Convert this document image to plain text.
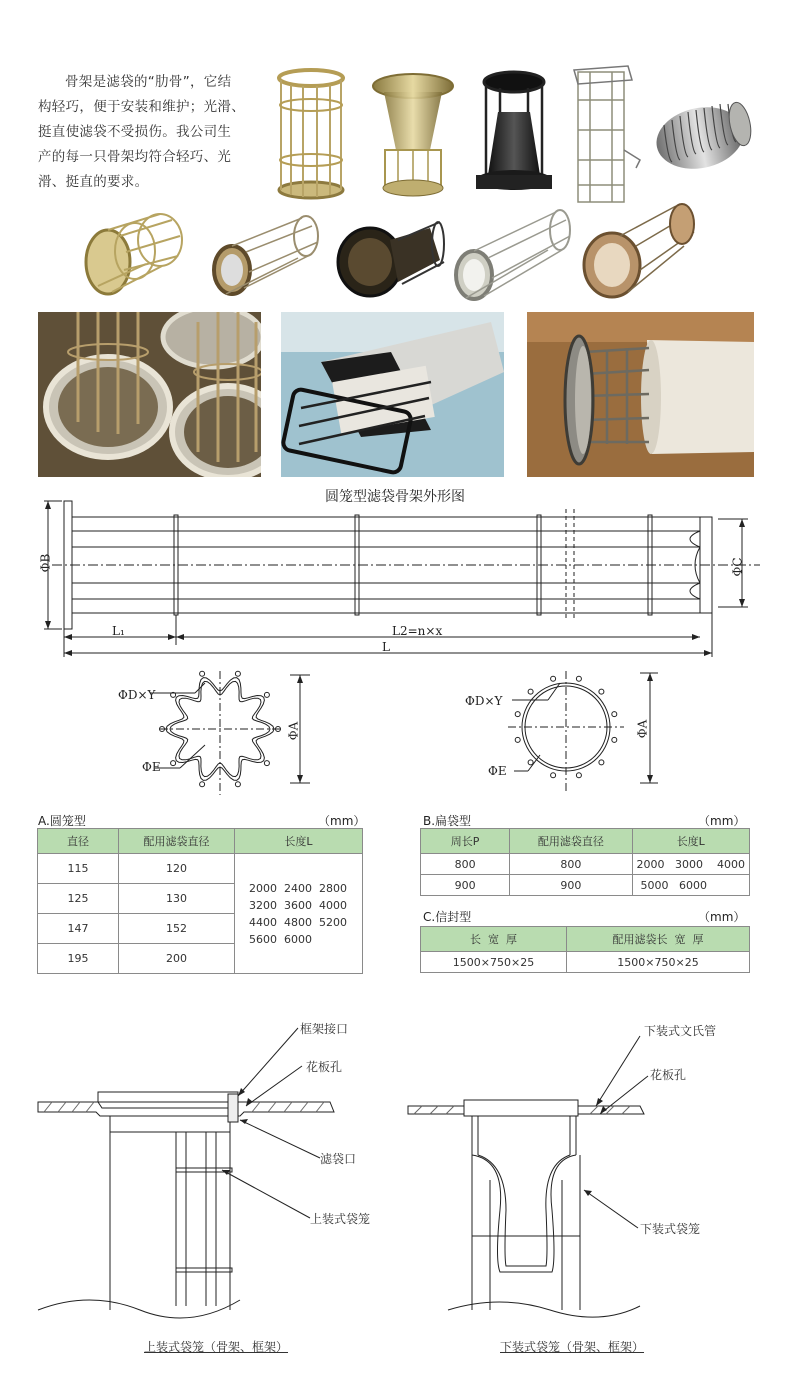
骨架是滤袋的“肋骨”，它结
构轻巧，便于安装和维护；光滑、
挺直使滤袋不受损伤。我公司生
产的每一只骨架均符合轻巧、光
滑、挺直的要求。
圆笼型滤袋骨架外形图
ΦB	ΦC
L₁	L2=n×x
L
ΦD×Y
ΦE
ΦA
ΦD×Y
ΦE
ΦA
A.圆笼型	（mm）
直径	配用滤袋直径	长度L
115	120	2000  2400  2800
3200  3600  4000
4400  4800  5200
5600  6000

125	130	
147	152	
195	200	
B.扁袋型	（mm）
周长P	配用滤袋直径	长度L
800	800	2000   3000    4000
900	900	5000   6000
C.信封型	（mm）
长  宽  厚	配用滤袋长  宽  厚
1500×750×25	1500×750×25
框架接口
花板孔
滤袋口
上装式袋笼
下装式文氏管
花板孔
下装式袋笼
上装式袋笼（骨架、框架）	下装式袋笼（骨架、框架）
